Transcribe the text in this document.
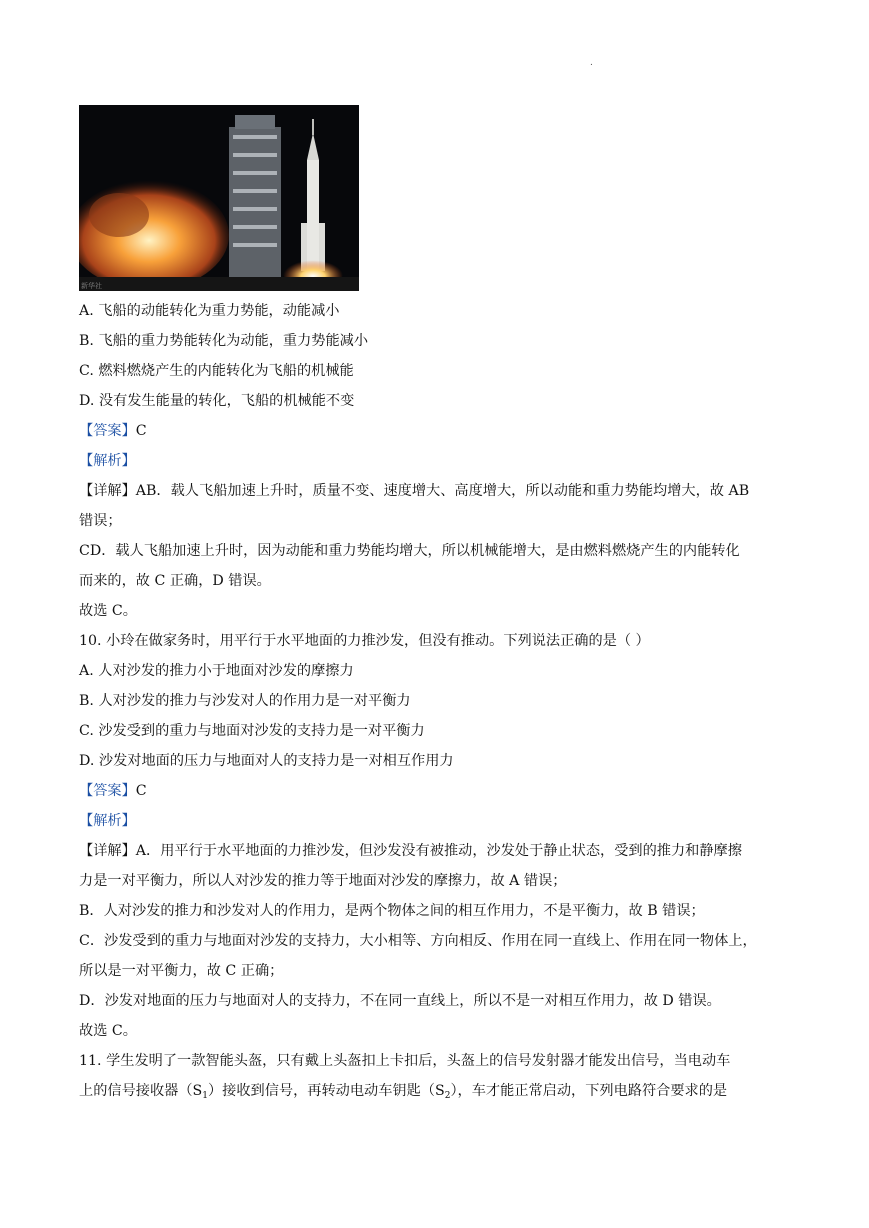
.
新华社
A. 飞船的动能转化为重力势能，动能减小
B. 飞船的重力势能转化为动能，重力势能减小
C. 燃料燃烧产生的内能转化为飞船的机械能
D. 没有发生能量的转化，飞船的机械能不变
【答案】C
【解析】
【详解】AB．载人飞船加速上升时，质量不变、速度增大、高度增大，所以动能和重力势能均增大，故 AB
错误；
CD．载人飞船加速上升时，因为动能和重力势能均增大，所以机械能增大，是由燃料燃烧产生的内能转化
而来的，故 C 正确，D 错误。
故选 C。
10. 小玲在做家务时，用平行于水平地面的力推沙发，但没有推动。下列说法正确的是（ ）
A. 人对沙发的推力小于地面对沙发的摩擦力
B. 人对沙发的推力与沙发对人的作用力是一对平衡力
C. 沙发受到的重力与地面对沙发的支持力是一对平衡力
D. 沙发对地面的压力与地面对人的支持力是一对相互作用力
【答案】C
【解析】
【详解】A．用平行于水平地面的力推沙发，但沙发没有被推动，沙发处于静止状态，受到的推力和静摩擦
力是一对平衡力，所以人对沙发的推力等于地面对沙发的摩擦力，故 A 错误；
B．人对沙发的推力和沙发对人的作用力，是两个物体之间的相互作用力，不是平衡力，故 B 错误；
C．沙发受到的重力与地面对沙发的支持力，大小相等、方向相反、作用在同一直线上、作用在同一物体上，
所以是一对平衡力，故 C 正确；
D．沙发对地面的压力与地面对人的支持力，不在同一直线上，所以不是一对相互作用力，故 D 错误。
故选 C。
11. 学生发明了一款智能头盔，只有戴上头盔扣上卡扣后，头盔上的信号发射器才能发出信号，当电动车
上的信号接收器$(S_1)$接收到信号，再转动电动车钥匙$(S_2)$，车才能正常启动，下列电路符合要求的是
